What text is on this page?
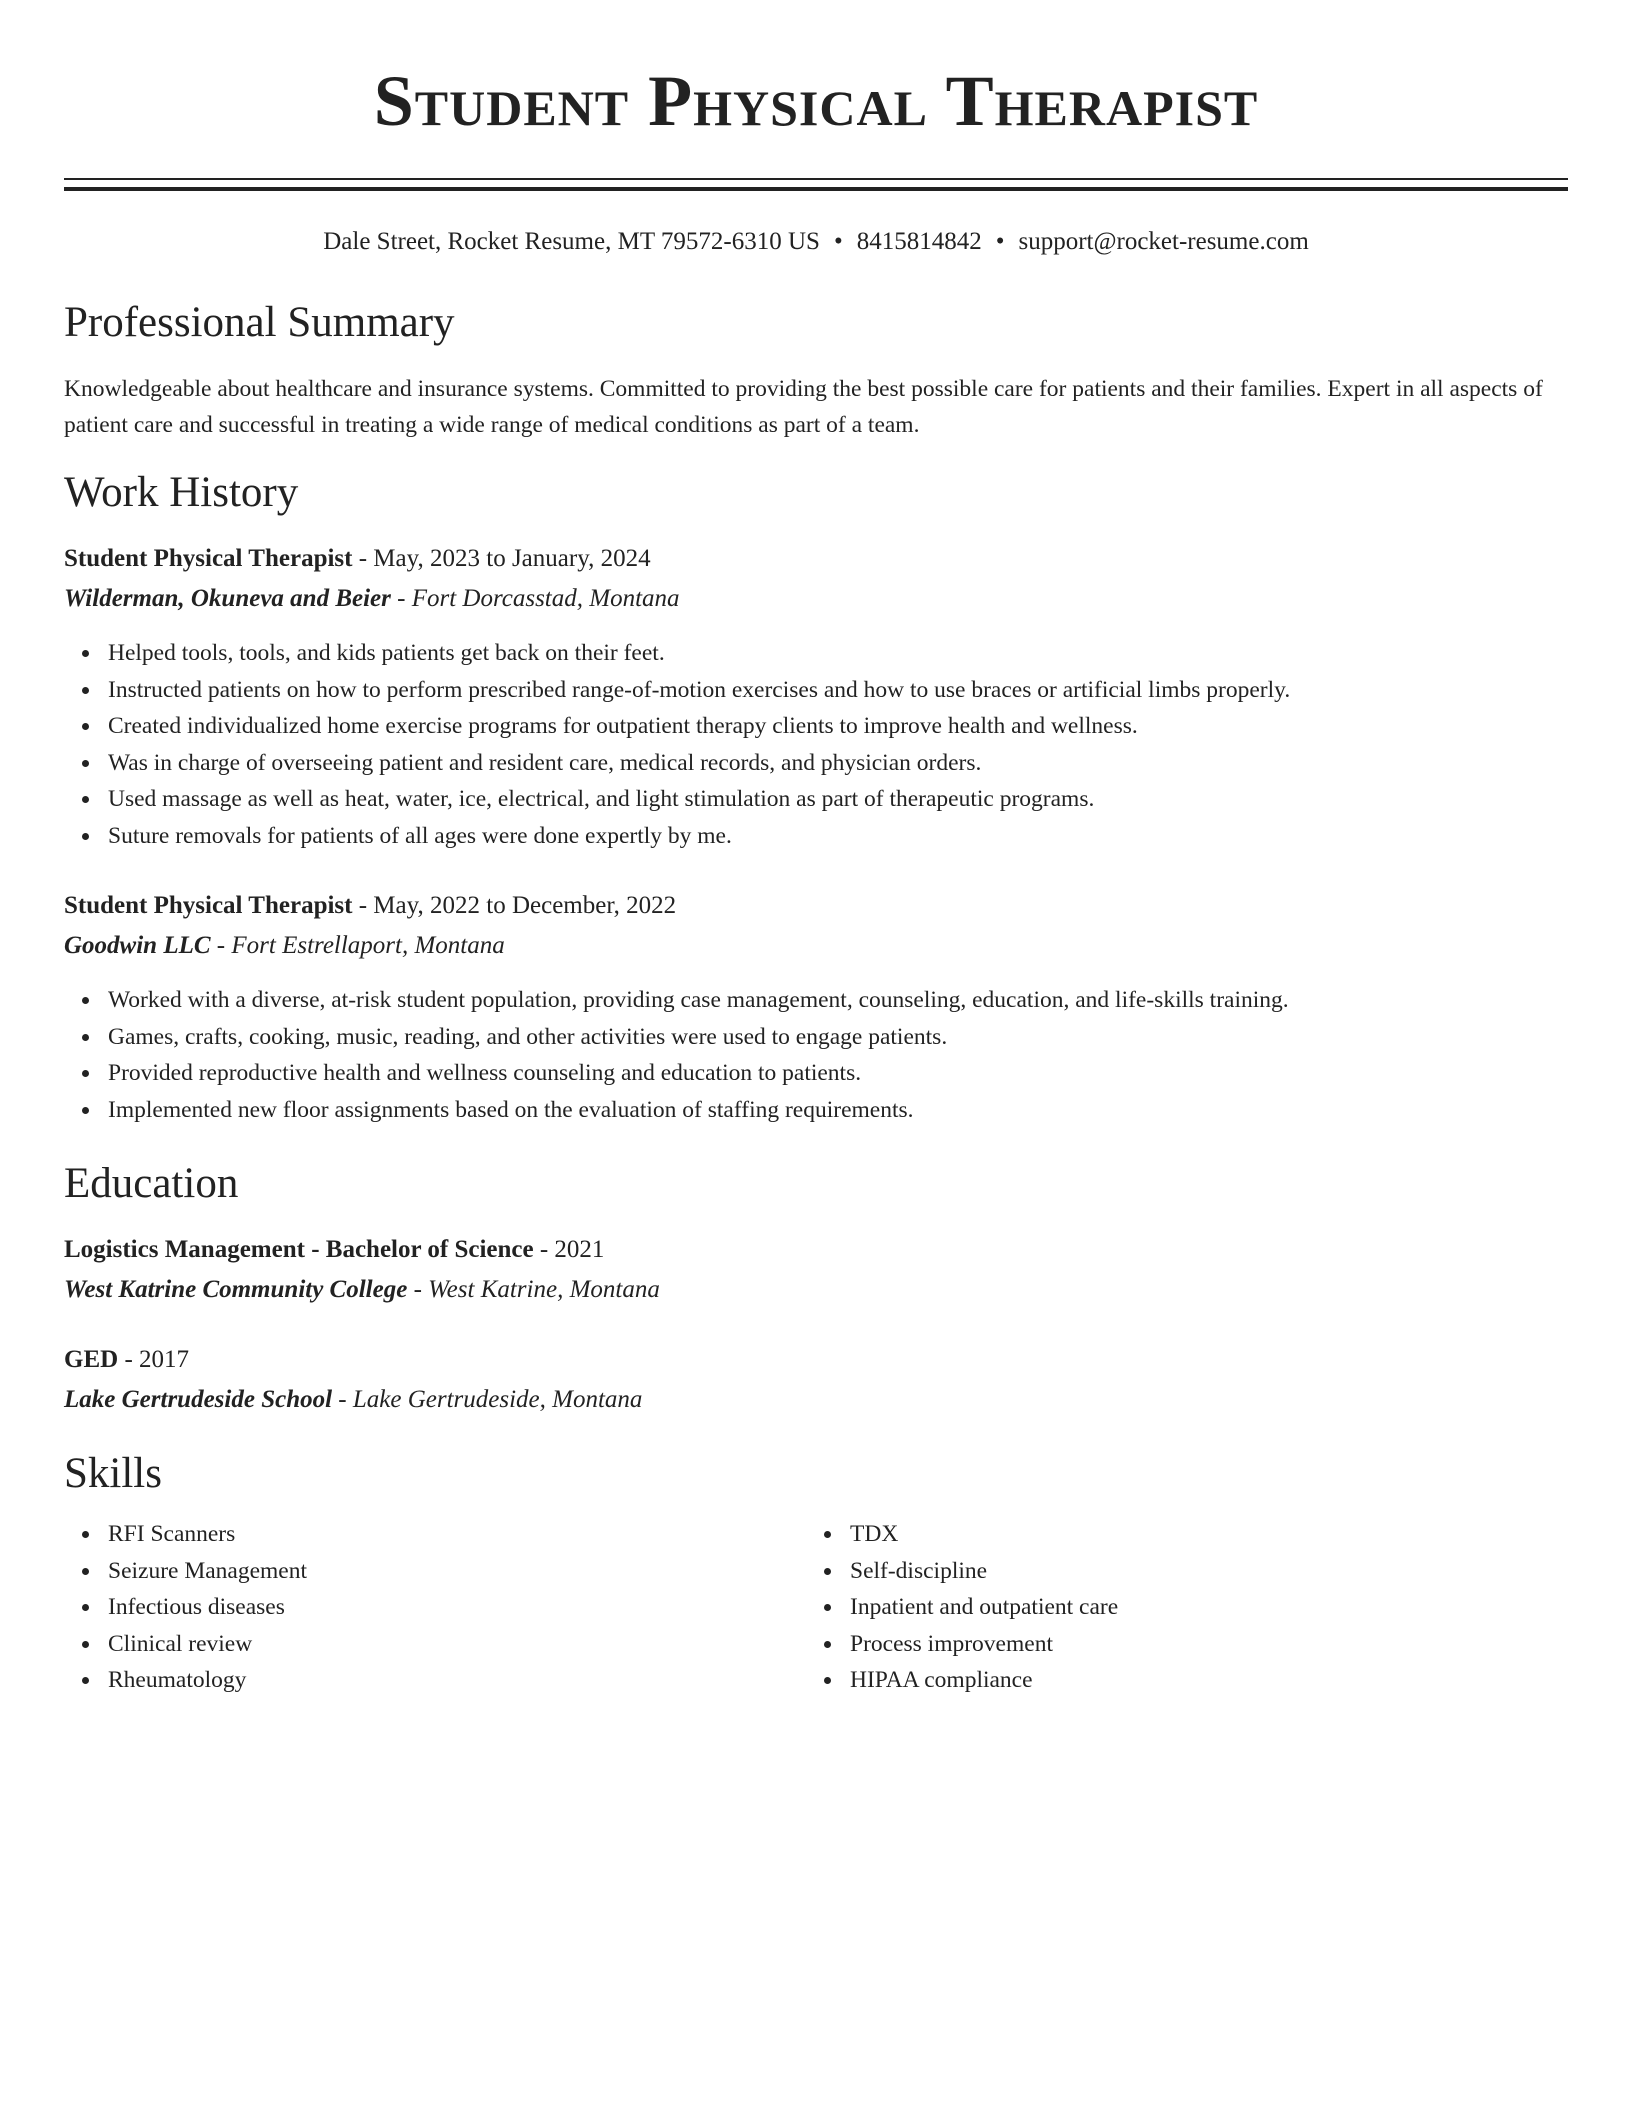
Student Physical Therapist
Dale Street, Rocket Resume, MT 79572-6310 US • 8415814842 • support@rocket-resume.com
Professional Summary
Knowledgeable about healthcare and insurance systems. Committed to providing the best possible care for patients and their families. Expert in all aspects of patient care and successful in treating a wide range of medical conditions as part of a team.
Work History
Student Physical Therapist - May, 2023 to January, 2024
Wilderman, Okuneva and Beier - Fort Dorcasstad, Montana
Helped tools, tools, and kids patients get back on their feet.
Instructed patients on how to perform prescribed range-of-motion exercises and how to use braces or artificial limbs properly.
Created individualized home exercise programs for outpatient therapy clients to improve health and wellness.
Was in charge of overseeing patient and resident care, medical records, and physician orders.
Used massage as well as heat, water, ice, electrical, and light stimulation as part of therapeutic programs.
Suture removals for patients of all ages were done expertly by me.
Student Physical Therapist - May, 2022 to December, 2022
Goodwin LLC - Fort Estrellaport, Montana
Worked with a diverse, at-risk student population, providing case management, counseling, education, and life-skills training.
Games, crafts, cooking, music, reading, and other activities were used to engage patients.
Provided reproductive health and wellness counseling and education to patients.
Implemented new floor assignments based on the evaluation of staffing requirements.
Education
Logistics Management - Bachelor of Science - 2021
West Katrine Community College - West Katrine, Montana
GED - 2017
Lake Gertrudeside School - Lake Gertrudeside, Montana
Skills
RFI Scanners
Seizure Management
Infectious diseases
Clinical review
Rheumatology
TDX
Self-discipline
Inpatient and outpatient care
Process improvement
HIPAA compliance
